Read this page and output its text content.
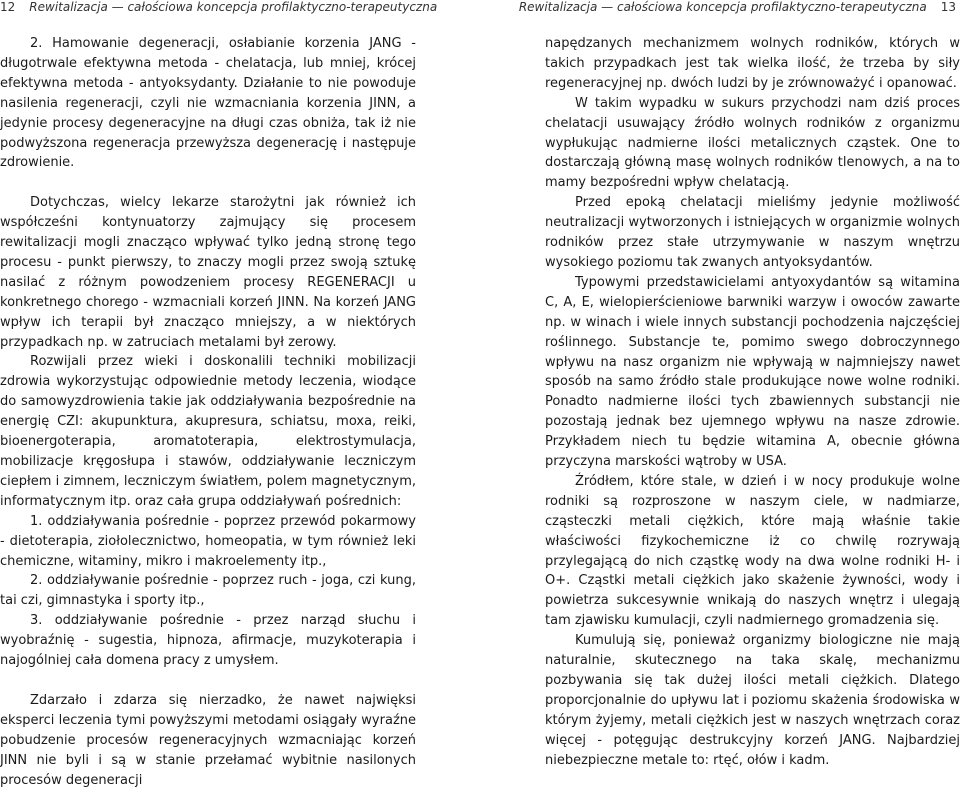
12 Rewitalizacja — całościowa koncepcja profilaktyczno-terapeutyczna	Rewitalizacja — całościowa koncepcja profilaktyczno-terapeutyczna 13

2. Hamowanie degeneracji, osłabianie korzenia JANG - długotrwale efektywna metoda - chelatacja, lub mniej, krócej efektywna metoda - antyoksydanty. Działanie to nie powoduje nasilenia regeneracji, czyli nie wzmacniania korzenia JINN, a jedynie procesy degeneracyjne na długi czas obniża, tak iż nie podwyższona regeneracja przewyższa degenerację i następuje zdrowienie.

Dotychczas, wielcy lekarze starożytni jak również ich współcześni kontynuatorzy zajmujący się procesem rewitalizacji mogli znacząco wpływać tylko jedną stronę tego procesu - punkt pierwszy, to znaczy mogli przez swoją sztukę nasilać z różnym powodzeniem procesy REGENERACJI u konkretnego chorego - wzmacniali korzeń JINN. Na korzeń JANG wpływ ich terapii był znacząco mniejszy, a w niektórych przypadkach np. w zatruciach metalami był zerowy.

Rozwijali przez wieki i doskonalili techniki mobilizacji zdrowia wykorzystując odpowiednie metody leczenia, wiodące do samowyzdrowienia takie jak oddziaływania bezpośrednie na energię CZI: akupunktura, akupresura, schiatsu, moxa, reiki, bioenergoterapia, aromatoterapia, elektrostymulacja, mobilizacje kręgosłupa i stawów, oddziaływanie leczniczym ciepłem i zimnem, leczniczym światłem, polem magnetycznym, informatycznym itp. oraz cała grupa oddziaływań pośrednich:

1. oddziaływania pośrednie - poprzez przewód pokarmowy - dietoterapia, ziołolecznictwo, homeopatia, w tym również leki chemiczne, witaminy, mikro i makroelementy itp.,

2. oddziaływanie pośrednie - poprzez ruch - joga, czi kung, tai czi, gimnastyka i sporty itp.,

3. oddziaływanie pośrednie - przez narząd słuchu i wyobraźnię - sugestia, hipnoza, afirmacje, muzykoterapia i najogólniej cała domena pracy z umysłem.

Zdarzało i zdarza się nierzadko, że nawet najwięksi eksperci leczenia tymi powyższymi metodami osiągały wyraźne pobudzenie procesów regeneracyjnych wzmacniając korzeń JINN nie byli i są w stanie przełamać wybitnie nasilonych procesów degeneracji

napędzanych mechanizmem wolnych rodników, których w takich przypadkach jest tak wielka ilość, że trzeba by siły regeneracyjnej np. dwóch ludzi by je zrównoważyć i opanować.

W takim wypadku w sukurs przychodzi nam dziś proces chelatacji usuwający źródło wolnych rodników z organizmu wypłukując nadmierne ilości metalicznych cząstek. One to dostarczają główną masę wolnych rodników tlenowych, a na to mamy bezpośredni wpływ chelatacją.

Przed epoką chelatacji mieliśmy jedynie możliwość neutralizacji wytworzonych i istniejących w organizmie wolnych rodników przez stałe utrzymywanie w naszym wnętrzu wysokiego poziomu tak zwanych antyoksydantów.

Typowymi przedstawicielami antyoxydantów są witamina C, A, E, wielopierścieniowe barwniki warzyw i owoców zawarte np. w winach i wiele innych substancji pochodzenia najczęściej roślinnego. Substancje te, pomimo swego dobroczynnego wpływu na nasz organizm nie wpływają w najmniejszy nawet sposób na samo źródło stale produkujące nowe wolne rodniki. Ponadto nadmierne ilości tych zbawiennych substancji nie pozostają jednak bez ujemnego wpływu na nasze zdrowie. Przykładem niech tu będzie witamina A, obecnie główna przyczyna marskości wątroby w USA.

Źródłem, które stale, w dzień i w nocy produkuje wolne rodniki są rozproszone w naszym ciele, w nadmiarze, cząsteczki metali ciężkich, które mają właśnie takie właściwości fizykochemiczne iż co chwilę rozrywają przylegającą do nich cząstkę wody na dwa wolne rodniki H- i O+. Cząstki metali ciężkich jako skażenie żywności, wody i powietrza sukcesywnie wnikają do naszych wnętrz i ulegają tam zjawisku kumulacji, czyli nadmiernego gromadzenia się.

Kumulują się, ponieważ organizmy biologiczne nie mają naturalnie, skutecznego na taka skalę, mechanizmu pozbywania się tak dużej ilości metali ciężkich. Dlatego proporcjonalnie do upływu lat i poziomu skażenia środowiska w którym żyjemy, metali ciężkich jest w naszych wnętrzach coraz więcej - potęgując destrukcyjny korzeń JANG. Najbardziej niebezpieczne metale to: rtęć, ołów i kadm.
